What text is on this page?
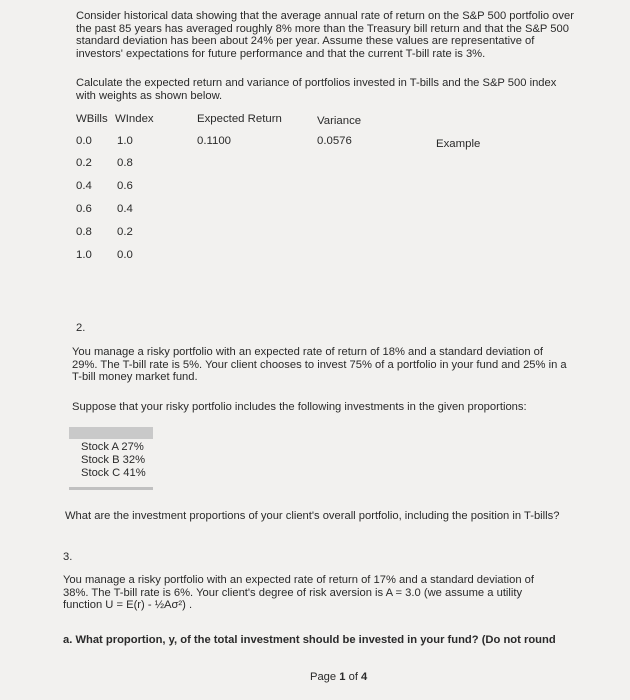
Consider historical data showing that the average annual rate of return on the S&P 500 portfolio over
the past 85 years has averaged roughly 8% more than the Treasury bill return and that the S&P 500
standard deviation has been about 24% per year. Assume these values are representative of
investors' expectations for future performance and that the current T-bill rate is 3%.
Calculate the expected return and variance of portfolios invested in T-bills and the S&P 500 index
with weights as shown below.
WBills WIndex	Expected Return	Variance
0.0 1.0	0.1100	0.0576	Example
0.2 0.8
0.4 0.6
0.6 0.4
0.8 0.2
1.0 0.0
2.
You manage a risky portfolio with an expected rate of return of 18% and a standard deviation of
29%. The T-bill rate is 5%. Your client chooses to invest 75% of a portfolio in your fund and 25% in a
T-bill money market fund.
Suppose that your risky portfolio includes the following investments in the given proportions:
Stock A 27%
Stock B 32%
Stock C 41%
What are the investment proportions of your client's overall portfolio, including the position in T-bills?
3.
You manage a risky portfolio with an expected rate of return of 17% and a standard deviation of
38%. The T-bill rate is 6%. Your client's degree of risk aversion is A = 3.0 (we assume a utility
function U = E(r) - ½Aσ²) .
a. What proportion, y, of the total investment should be invested in your fund? (Do not round
Page 1 of 4
